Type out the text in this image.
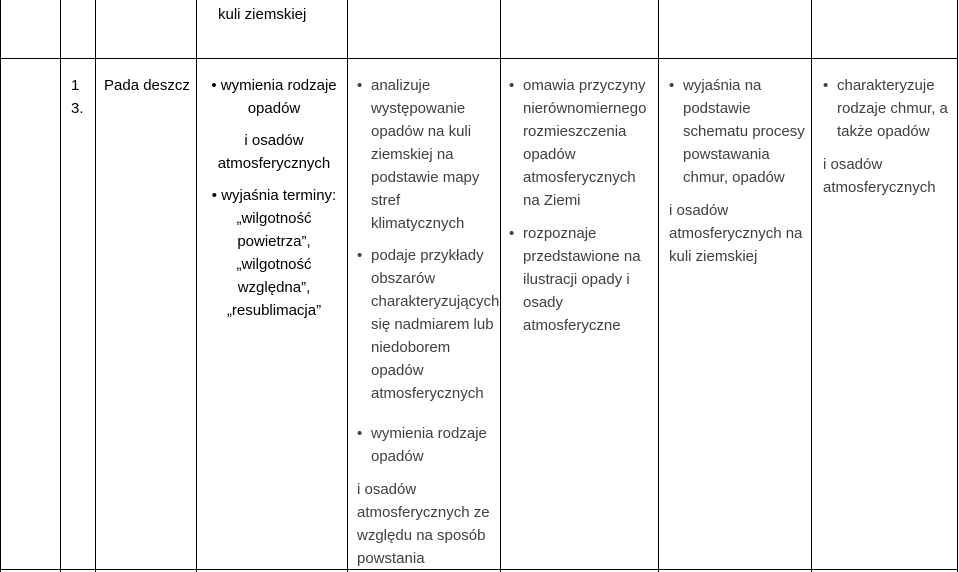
kuli ziemskiej

1

3.

Pada deszcz	• wymienia rodzaje opadów

i osadów atmosferycznych

• wyjaśnia terminy: „wilgotność powietrza”, „wilgotność względna”, „resublimacja”

• analizuje występowanie opadów na kuli ziemskiej na podstawie mapy stref klimatycznych
• podaje przykłady obszarów charakteryzujących się nadmiarem lub niedoborem opadów atmosferycznych
• wymienia rodzaje opadów

i osadów atmosferycznych ze względu na sposób powstania

• omawia przyczyny nierównomiernego rozmieszczenia opadów atmosferycznych na Ziemi
• rozpoznaje przedstawione na ilustracji opady i osady atmosferyczne
• wyjaśnia na podstawie schematu procesy powstawania chmur, opadów

i osadów atmosferycznych na kuli ziemskiej

• charakteryzuje rodzaje chmur, a także opadów

i osadów atmosferycznych
